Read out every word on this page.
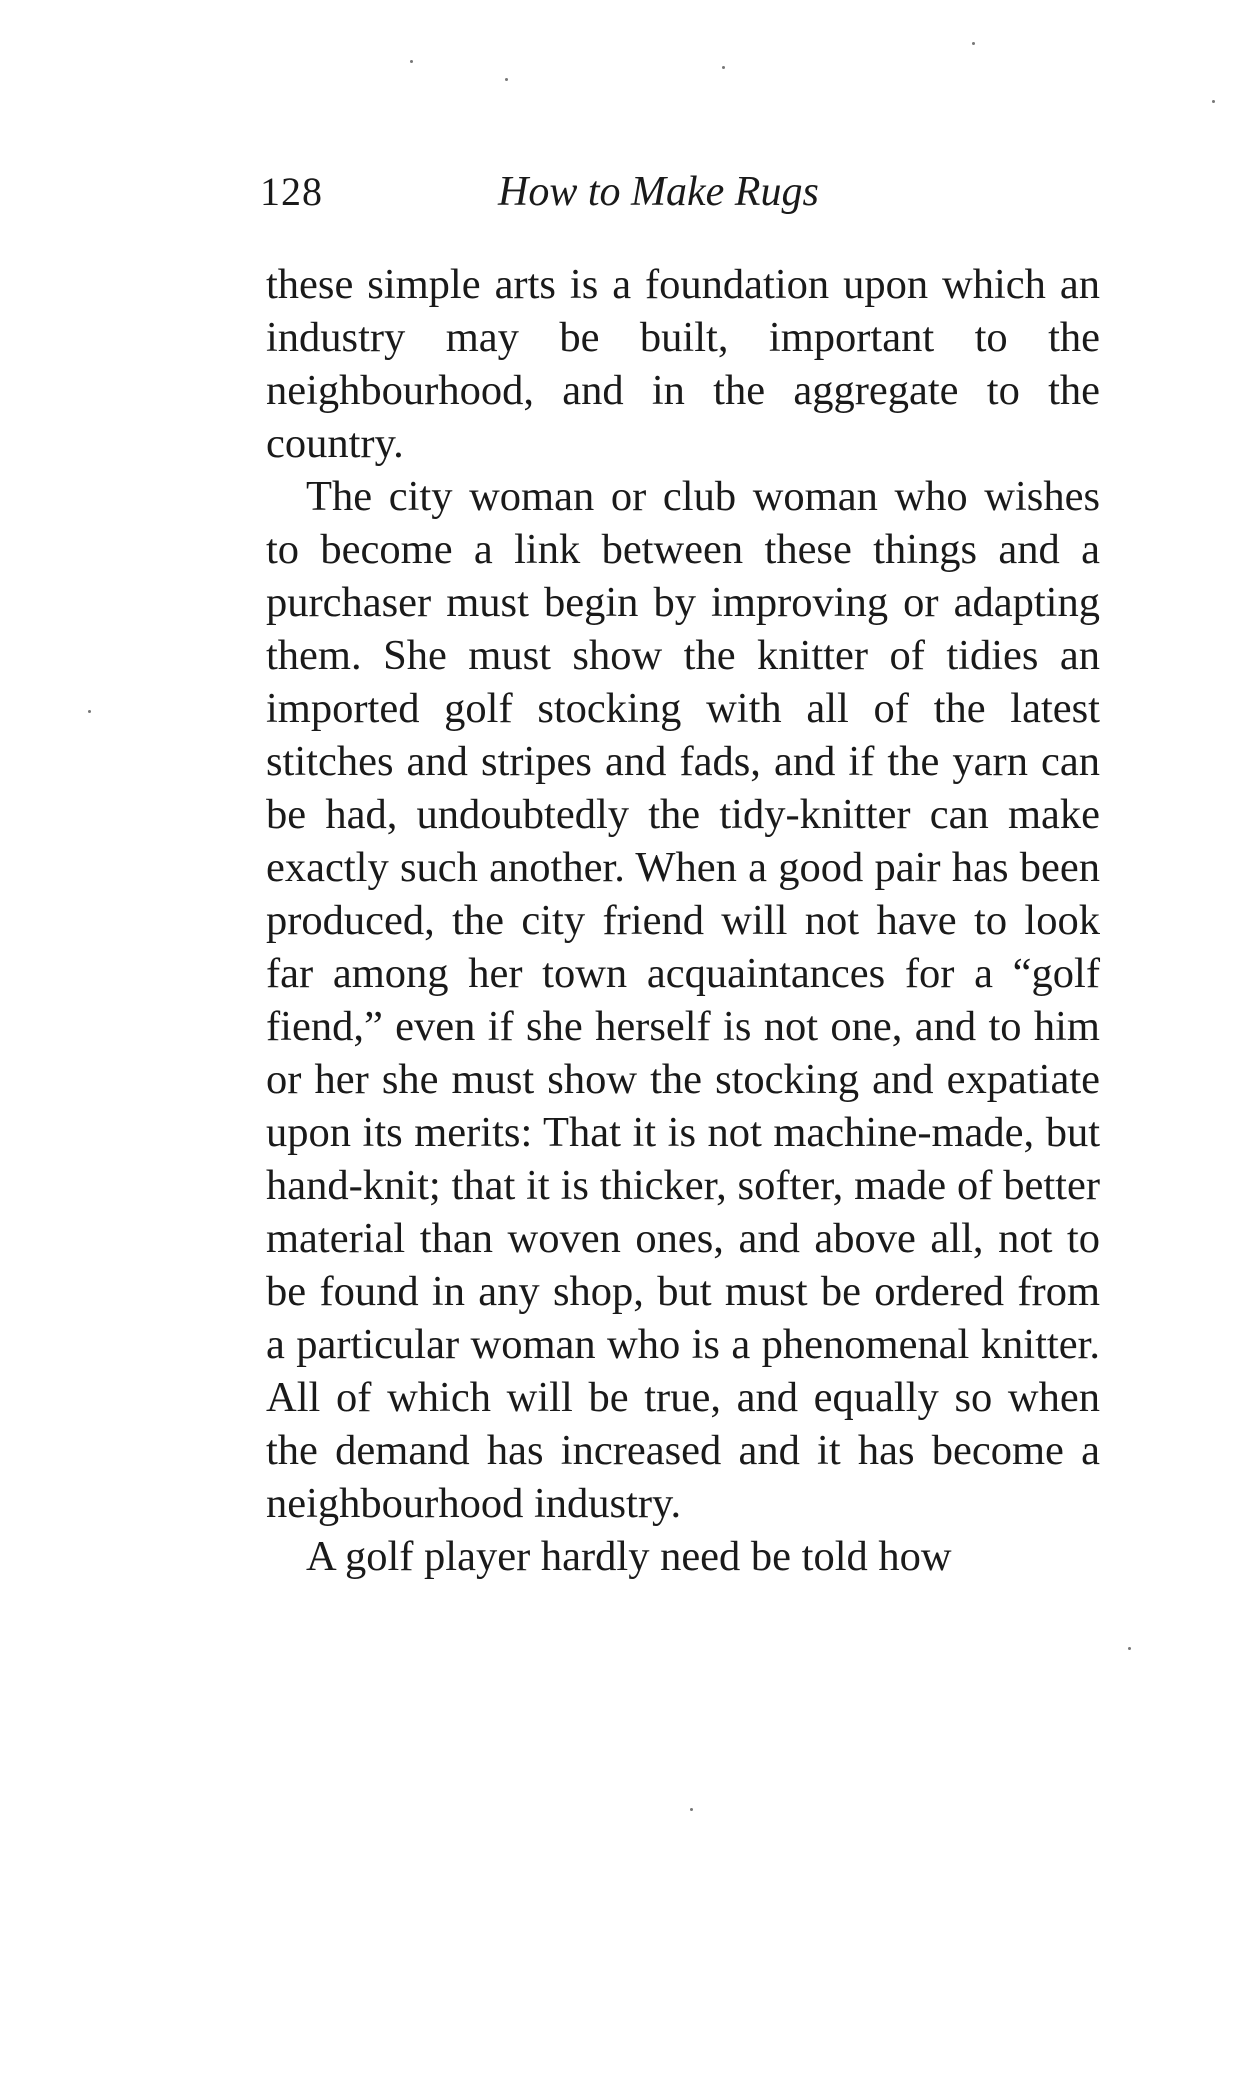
128	How to Make Rugs

these simple arts is a foundation upon which an industry may be built, important to the neighbourhood, and in the aggregate to the country.

The city woman or club woman who wishes to become a link between these things and a purchaser must begin by improving or adapting them. She must show the knitter of tidies an imported golf stocking with all of the latest stitches and stripes and fads, and if the yarn can be had, undoubtedly the tidy-knitter can make exactly such another. When a good pair has been produced, the city friend will not have to look far among her town acquaintances for a “golf fiend,” even if she herself is not one, and to him or her she must show the stocking and expatiate upon its merits: That it is not machine-made, but hand-knit; that it is thicker, softer, made of better material than woven ones, and above all, not to be found in any shop, but must be ordered from a particular woman who is a phenomenal knitter. All of which will be true, and equally so when the demand has increased and it has become a neighbourhood industry.

A golf player hardly need be told how
